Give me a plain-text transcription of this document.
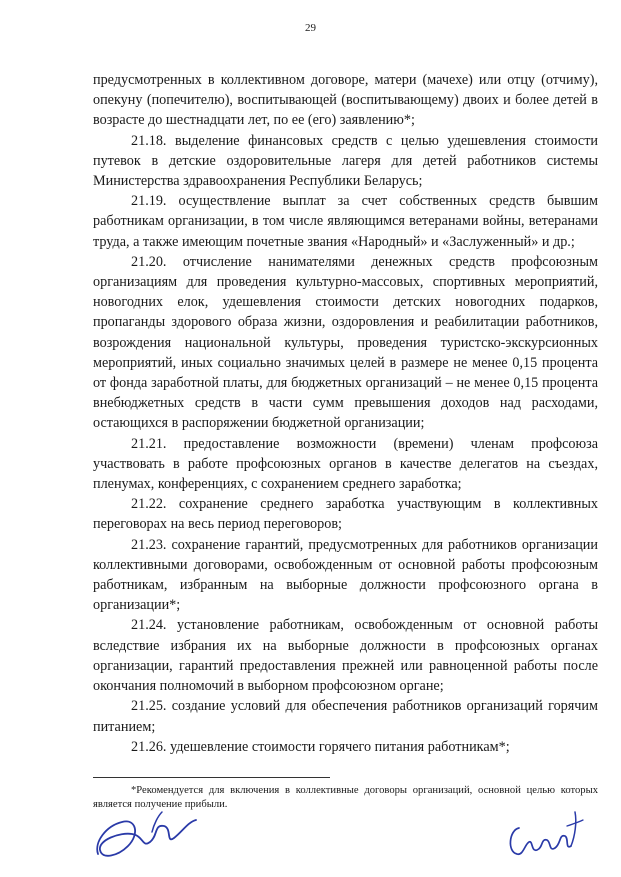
29

предусмотренных в коллективном договоре, матери (мачехе) или отцу (отчиму), опекуну (попечителю), воспитывающей (воспитывающему) двоих и более детей в возрасте до шестнадцати лет, по ее (его) заявлению*;

21.18. выделение финансовых средств с целью удешевления стоимости путевок в детские оздоровительные лагеря для детей работников системы Министерства здравоохранения Республики Беларусь;

21.19. осуществление выплат за счет собственных средств бывшим работникам организации, в том числе являющимся ветеранами войны, ветеранами труда, а также имеющим почетные звания «Народный» и «Заслуженный» и др.;

21.20. отчисление нанимателями денежных средств профсоюзным организациям для проведения культурно-массовых, спортивных мероприятий, новогодних елок, удешевления стоимости детских новогодних подарков, пропаганды здорового образа жизни, оздоровления и реабилитации работников, возрождения национальной культуры, проведения туристско-экскурсионных мероприятий, иных социально значимых целей в размере не менее 0,15 процента от фонда заработной платы, для бюджетных организаций – не менее 0,15 процента внебюджетных средств в части сумм превышения доходов над расходами, остающихся в распоряжении бюджетной организации;

21.21. предоставление возможности (времени) членам профсоюза участвовать в работе профсоюзных органов в качестве делегатов на съездах, пленумах, конференциях, с сохранением среднего заработка;

21.22. сохранение среднего заработка участвующим в коллективных переговорах на весь период переговоров;

21.23. сохранение гарантий, предусмотренных для работников организации коллективными договорами, освобожденным от основной работы профсоюзным работникам, избранным на выборные должности профсоюзного органа в организации*;

21.24. установление работникам, освобожденным от основной работы вследствие избрания их на выборные должности в профсоюзных органах организации, гарантий предоставления прежней или равноценной работы после окончания полномочий в выборном профсоюзном органе;

21.25. создание условий для обеспечения работников организаций горячим питанием;

21.26. удешевление стоимости горячего питания работникам*;

*Рекомендуется для включения в коллективные договоры организаций, основной целью которых является получение прибыли.
